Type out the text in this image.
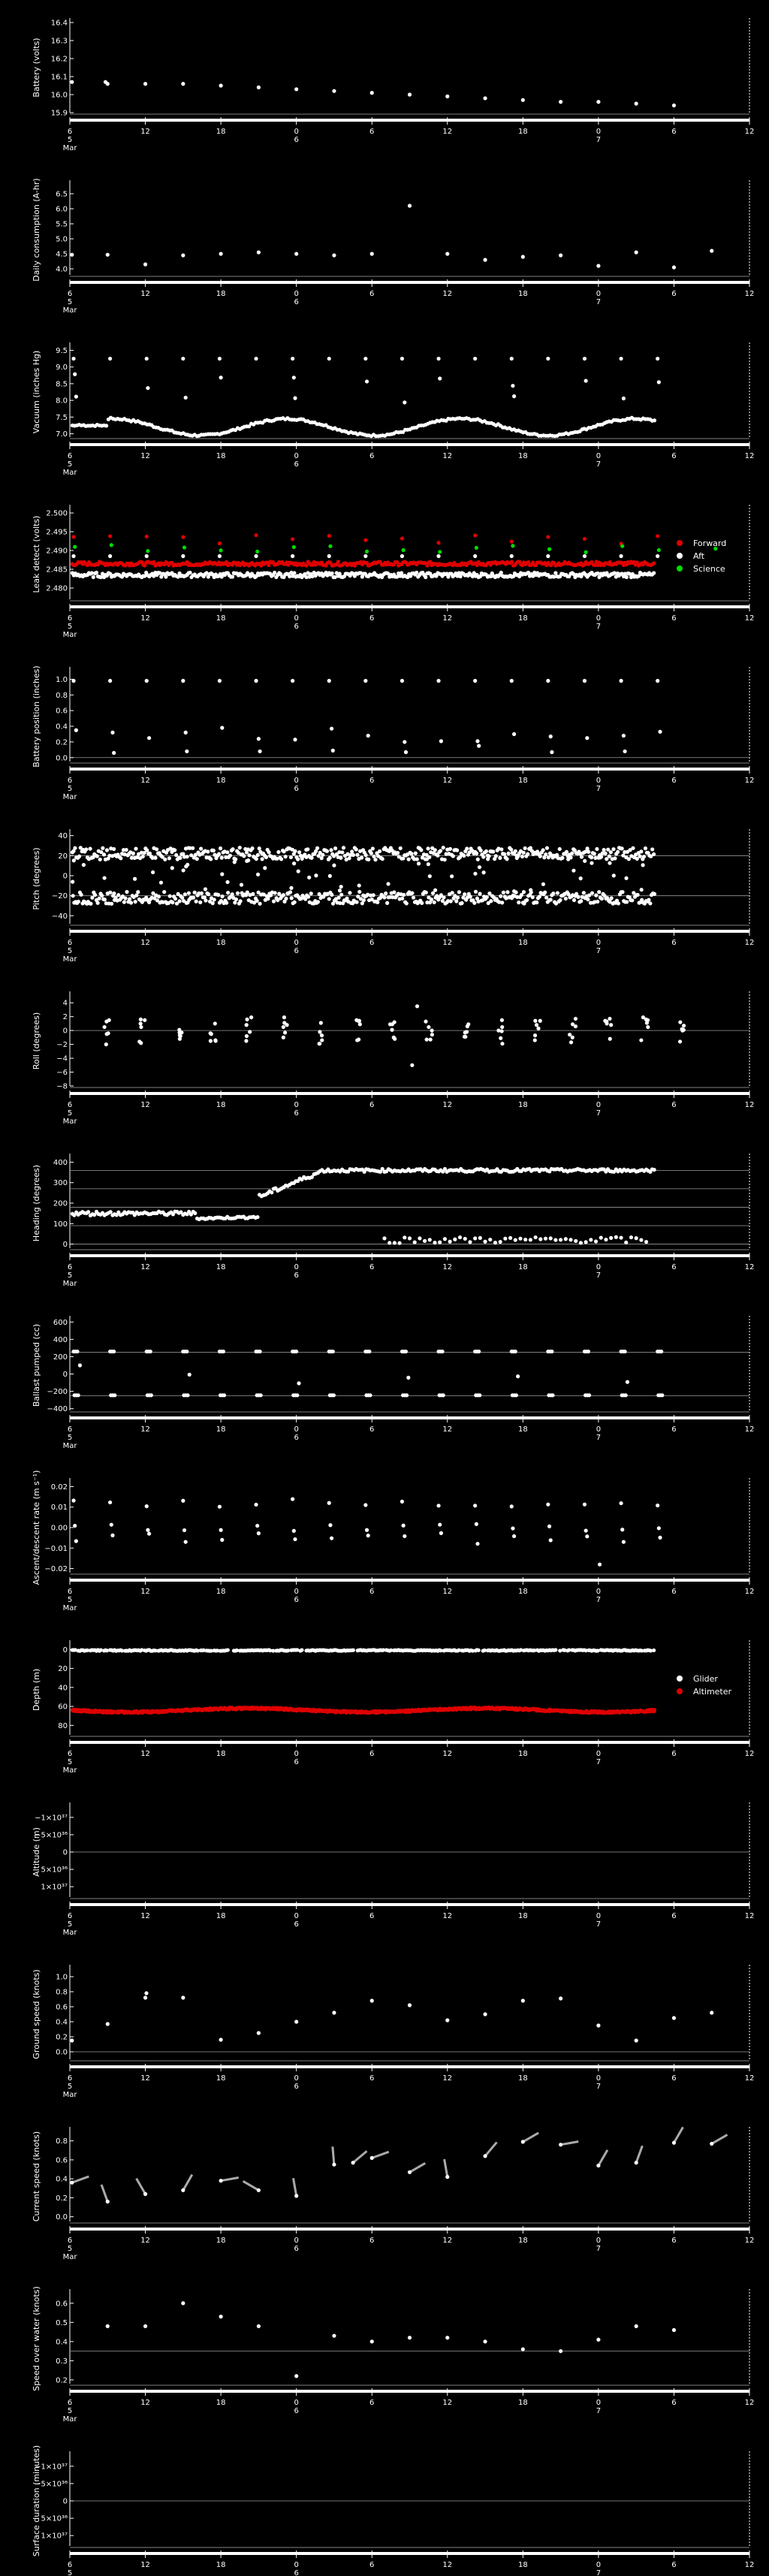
15.9
16.0
16.1
16.2
16.3
16.4
Battery (volts)
6
5
Mar
12	18	0
6
6	12	18	0
7
6	12
4.0
4.5
5.0
5.5
6.0
6.5
Daily consumption (A-hr)
6
5
Mar
12	18	0
6
6	12	18	0
7
6	12
7.0
7.5
8.0
8.5
9.0
9.5
Vacuum (inches Hg)
6
5
Mar
12	18	0
6
6	12	18	0
7
6	12
2.480
2.485
2.490
2.495
2.500
Leak detect (volts)
6
5
Mar
12	18	0
6
6	12	18	0
7
6	12
Forward
Aft
Science
0.0
0.2
0.4
0.6
0.8
1.0
Battery position (inches)
6
5
Mar
12	18	0
6
6	12	18	0
7
6	12
40
20
0
−20
−40
Pitch (degrees)
6
5
Mar
12	18	0
6
6	12	18	0
7
6	12
4
2
0
−2
−4
−6
−8
Roll (degrees)
6
5
Mar
12	18	0
6
6	12	18	0
7
6	12
0
100
200
300
400
Heading (degrees)
6
5
Mar
12	18	0
6
6	12	18	0
7
6	12
600
400
200
0
−200
−400
Ballast pumped (cc)
6
5
Mar
12	18	0
6
6	12	18	0
7
6	12
0.02
0.01
0.00
−0.01
−0.02
Ascent/descent rate (m s⁻¹)
6
5
Mar
12	18	0
6
6	12	18	0
7
6	12
0
20
40
60
80
Depth (m)
6
5
Mar
12	18	0
6
6	12	18	0
7
6	12
Glider
Altimeter
−1×10³⁷
−5×10³⁶
0
5×10³⁶
1×10³⁷
Altitude (m)
6
5
Mar
12	18	0
6
6	12	18	0
7
6	12
0.0
0.2
0.4
0.6
0.8
1.0
Ground speed (knots)
6
5
Mar
12	18	0
6
6	12	18	0
7
6	12
0.0
0.2
0.4
0.6
0.8
Current speed (knots)
6
5
Mar
12	18	0
6
6	12	18	0
7
6	12
0.2
0.3
0.4
0.5
0.6
Speed over water (knots)
6
5
Mar
12	18	0
6
6	12	18	0
7
6	12
−1×10³⁷
−5×10³⁶
0
5×10³⁶
1×10³⁷
Surface duration (minutes)
6
5
12	18	0
6
6	12	18	0
7
6	12
